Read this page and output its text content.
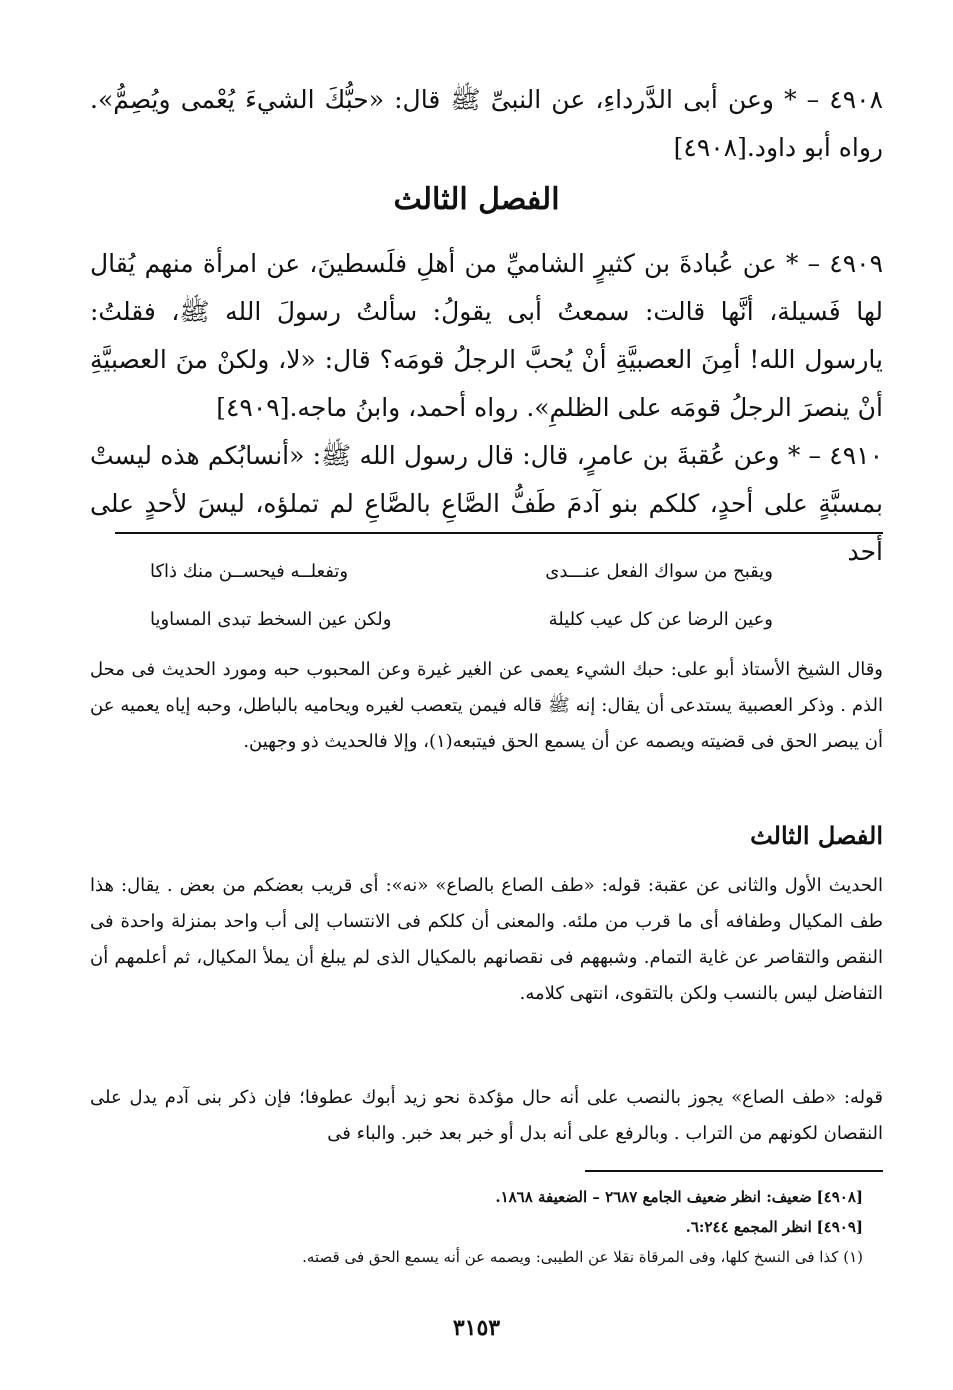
٤٩٠٨ – * وعن أبى الدَّرداءِ، عن النبىِّ ﷺ قال: «حبُّكَ الشيءَ يُعْمى ويُصِمُّ». رواه أبو داود.[٤٩٠٨]

الفصل الثالث

٤٩٠٩ – * عن عُبادةَ بن كثيرٍ الشاميِّ من أهلِ فلَسطينَ، عن امرأة منهم يُقال لها فَسيلة، أنَّها قالت: سمعتُ أبى يقولُ: سألتُ رسولَ الله ﷺ، فقلتُ: يارسول الله! أمِنَ العصبيَّةِ أنْ يُحبَّ الرجلُ قومَه؟ قال: «لا، ولكنْ منَ العصبيَّةِ أنْ ينصرَ الرجلُ قومَه على الظلمِ». رواه أحمد، وابنُ ماجه.[٤٩٠٩]

٤٩١٠ – * وعن عُقبةَ بن عامرٍ، قال: قال رسول الله ﷺ: «أنسابُكم هذه ليستْ بمسبَّةٍ على أحدٍ، كلكم بنو آدمَ طَفُّ الصَّاعِ بالصَّاعِ لم تملؤه، ليسَ لأحدٍ على أحد

ويقبح من سواك الفعل عنـــدى
وتفعلــه فيحســن منك ذاكا
وعين الرضا عن كل عيب كليلة
ولكن عين السخط تبدى المساويا

وقال الشيخ الأستاذ أبو على: حبك الشيء يعمى عن الغير غيرة وعن المحبوب حبه ومورد الحديث فى محل الذم . وذكر العصبية يستدعى أن يقال: إنه ﷺ قاله فيمن يتعصب لغيره ويحاميه بالباطل، وحبه إياه يعميه عن أن يبصر الحق فى قضيته ويصمه عن أن يسمع الحق فيتبعه(١)، وإلا فالحديث ذو وجهين.

الفصل الثالث

الحديث الأول والثانى عن عقبة: قوله: «طف الصاع بالصاع» «نه»: أى قريب بعضكم من بعض . يقال: هذا طف المكيال وطفافه أى ما قرب من ملئه. والمعنى أن كلكم فى الانتساب إلى أب واحد بمنزلة واحدة فى النقص والتقاصر عن غاية التمام. وشبههم فى نقصانهم بالمكيال الذى لم يبلغ أن يملأ المكيال، ثم أعلمهم أن التفاضل ليس بالنسب ولكن بالتقوى، انتهى كلامه.

قوله: «طف الصاع» يجوز بالنصب على أنه حال مؤكدة نحو زيد أبوك عطوفا؛ فإن ذكر بنى آدم يدل على النقصان لكونهم من التراب . وبالرفع على أنه بدل أو خبر بعد خبر. والباء فى

[٤٩٠٨] ضعيف: انظر ضعيف الجامع ٢٦٨٧ – الضعيفة ١٨٦٨.

[٤٩٠٩] انظر المجمع ٦:٢٤٤.

(١) كذا فى النسخ كلها، وفى المرقاة نقلا عن الطيبى: ويصمه عن أنه يسمع الحق فى قصته.

٣١٥٣
